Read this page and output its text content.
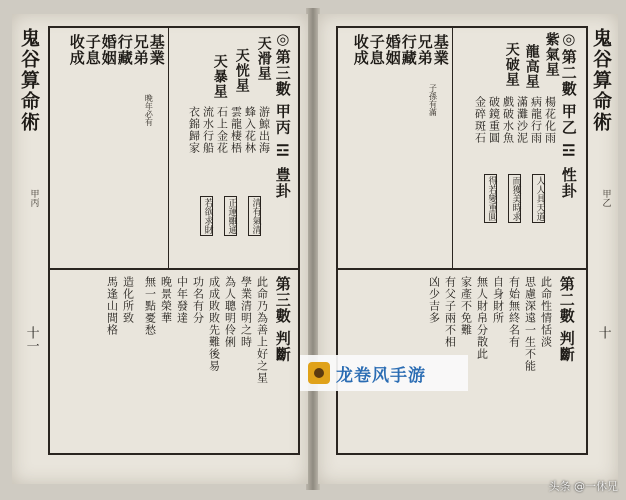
鬼谷算命術
甲乙
十
◎第二數 甲乙 ☲ 性卦
紫氣星
龍高星
天破星
楊花化雨
病龍行雨
滿灘沙泥
戲破水魚
破鏡重圓
金碎斑石
人人具天道
而獲美時求
得若變重圓
基業
兄弟
行藏
婚姻
子息
收成
子孫有滿
第二數 判斷
此命性情恬淡
思慮深遠一生不能
有始無終名有
自身財所
無人財帛分散此
家產不免難
有父子兩不相
凶少吉多
鬼谷算命術
甲丙
十一
◎第三數 甲丙 ☲ 豊卦
天滑星
天恍星
天暴星
游鯨出海
蜂入花林
雲龍棲梧
石上金花
流水行船
衣錦歸家
清有氣清
正運雖通
若欲求財
基業
兄弟
行藏
婚姻
子息
收成
晚年必有
第三數 判斷
此命乃為善上好之星
學業清明之時
為人聰明伶俐
成成敗敗先難後易
功名有分
中年發達
晚景榮華
無一點憂愁
造化所致
馬逢山間格
龙卷风手游
头条 @一休兄
